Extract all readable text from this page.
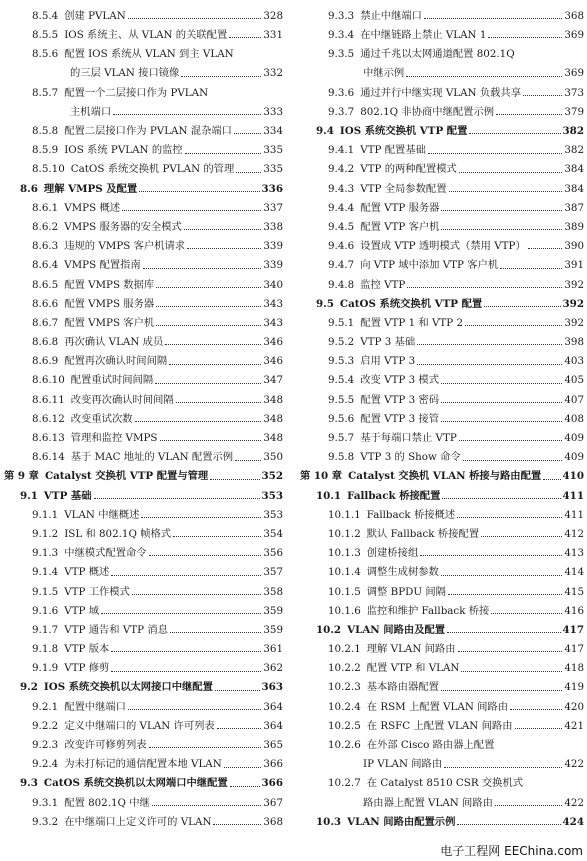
8.5.4 创建 PVLAN	328
8.5.5 IOS 系统主、从 VLAN 的关联配置	331
8.5.6 配置 IOS 系统从 VLAN 到主 VLAN
的三层 VLAN 接口镜像	332
8.5.7 配置一个二层接口作为 PVLAN
主机端口	333
8.5.8 配置二层接口作为 PVLAN 混杂端口	334
8.5.9 IOS 系统 PVLAN 的监控	335
8.5.10 CatOS 系统交换机 PVLAN 的管理	335
8.6 理解 VMPS 及配置	336
8.6.1 VMPS 概述	337
8.6.2 VMPS 服务器的安全模式	338
8.6.3 违规的 VMPS 客户机请求	339
8.6.4 VMPS 配置指南	339
8.6.5 配置 VMPS 数据库	340
8.6.6 配置 VMPS 服务器	343
8.6.7 配置 VMPS 客户机	343
8.6.8 再次确认 VLAN 成员	346
8.6.9 配置再次确认时间间隔	346
8.6.10 配置重试时间间隔	347
8.6.11 改变再次确认时间间隔	348
8.6.12 改变重试次数	348
8.6.13 管理和监控 VMPS	348
8.6.14 基于 MAC 地址的 VLAN 配置示例	350
第 9 章 Catalyst 交换机 VTP 配置与管理	352
9.1 VTP 基础	353
9.1.1 VLAN 中继概述	353
9.1.2 ISL 和 802.1Q 帧格式	354
9.1.3 中继模式配置命令	356
9.1.4 VTP 概述	357
9.1.5 VTP 工作模式	358
9.1.6 VTP 域	359
9.1.7 VTP 通告和 VTP 消息	359
9.1.8 VTP 版本	361
9.1.9 VTP 修剪	362
9.2 IOS 系统交换机以太网接口中继配置	363
9.2.1 配置中继端口	364
9.2.2 定义中继端口的 VLAN 许可列表	364
9.2.3 改变许可修剪列表	365
9.2.4 为未打标记的通信配置本地 VLAN	366
9.3 CatOS 系统交换机以太网端口中继配置	366
9.3.1 配置 802.1Q 中继	367
9.3.2 在中继端口上定义许可的 VLAN	368
9.3.3 禁止中继端口	368
9.3.4 在中继链路上禁止 VLAN 1	369
9.3.5 通过千兆以太网通道配置 802.1Q
中继示例	369
9.3.6 通过并行中继实现 VLAN 负载共享	373
9.3.7 802.1Q 非协商中继配置示例	379
9.4 IOS 系统交换机 VTP 配置	382
9.4.1 VTP 配置基础	382
9.4.2 VTP 的两种配置模式	384
9.4.3 VTP 全局参数配置	384
9.4.4 配置 VTP 服务器	387
9.4.5 配置 VTP 客户机	389
9.4.6 设置成 VTP 透明模式（禁用 VTP）	390
9.4.7 向 VTP 域中添加 VTP 客户机	391
9.4.8 监控 VTP	392
9.5 CatOS 系统交换机 VTP 配置	392
9.5.1 配置 VTP 1 和 VTP 2	392
9.5.2 VTP 3 基础	398
9.5.3 启用 VTP 3	403
9.5.4 改变 VTP 3 模式	405
9.5.5 配置 VTP 3 密码	407
9.5.6 配置 VTP 3 接管	408
9.5.7 基于每端口禁止 VTP	409
9.5.8 VTP 3 的 Show 命令	409
第 10 章 Catalyst 交换机 VLAN 桥接与路由配置 410
10.1 Fallback 桥接配置	411
10.1.1 Fallback 桥接概述	411
10.1.2 默认 Fallback 桥接配置	412
10.1.3 创建桥接组	413
10.1.4 调整生成树参数	414
10.1.5 调整 BPDU 间隔	415
10.1.6 监控和维护 Fallback 桥接	416
10.2 VLAN 间路由及配置	417
10.2.1 理解 VLAN 间路由	417
10.2.2 配置 VTP 和 VLAN	418
10.2.3 基本路由器配置	419
10.2.4 在 RSM 上配置 VLAN 间路由	420
10.2.5 在 RSFC 上配置 VLAN 间路由	421
10.2.6 在外部 Cisco 路由器上配置
IP VLAN 间路由	422
10.2.7 在 Catalyst 8510 CSR 交换机式
路由器上配置 VLAN 间路由	422
10.3 VLAN 间路由配置示例	424
电子工程网 EEChina.com
